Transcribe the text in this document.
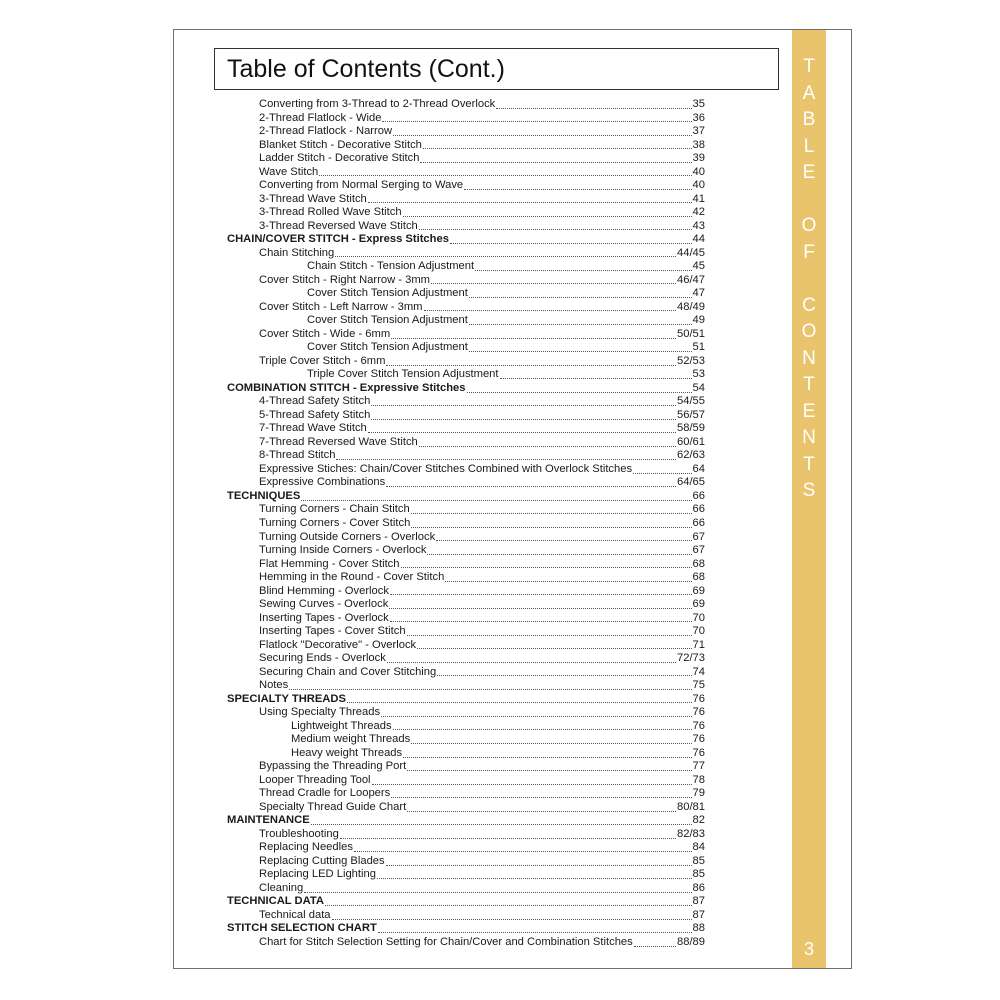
T
A
B
L
E
O
F
C
O
N
T
E
N
T
S
3
Table of Contents (Cont.)
Converting from 3-Thread to 2-Thread Overlock	35
2-Thread Flatlock - Wide	36
2-Thread Flatlock - Narrow	37
Blanket Stitch - Decorative Stitch	38
Ladder Stitch - Decorative Stitch	39
Wave Stitch	40
Converting from Normal Serging to Wave	40
3-Thread Wave Stitch	41
3-Thread Rolled Wave Stitch	42
3-Thread Reversed Wave Stitch	43
CHAIN/COVER STITCH - Express Stitches	44
Chain Stitching	44/45
Chain Stitch - Tension Adjustment	45
Cover Stitch - Right Narrow - 3mm	46/47
Cover Stitch Tension Adjustment	47
Cover Stitch - Left Narrow - 3mm	48/49
Cover Stitch Tension Adjustment	49
Cover Stitch - Wide - 6mm	50/51
Cover Stitch Tension Adjustment	51
Triple Cover Stitch - 6mm	52/53
Triple Cover Stitch Tension Adjustment	53
COMBINATION STITCH - Expressive Stitches	54
4-Thread Safety Stitch	54/55
5-Thread Safety Stitch	56/57
7-Thread Wave Stitch	58/59
7-Thread Reversed Wave Stitch	60/61
8-Thread Stitch	62/63
Expressive Stiches: Chain/Cover Stitches Combined with Overlock Stitches	64
Expressive Combinations	64/65
TECHNIQUES	66
Turning Corners - Chain Stitch	66
Turning Corners - Cover Stitch	66
Turning Outside Corners - Overlock	67
Turning Inside Corners - Overlock	67
Flat Hemming - Cover Stitch	68
Hemming in the Round - Cover Stitch	68
Blind Hemming - Overlock	69
Sewing Curves - Overlock	69
Inserting Tapes - Overlock	70
Inserting Tapes - Cover Stitch	70
Flatlock "Decorative" - Overlock	71
Securing Ends - Overlock	72/73
Securing Chain and Cover Stitching	74
Notes	75
SPECIALTY THREADS	76
Using Specialty Threads	76
Lightweight Threads	76
Medium weight Threads	76
Heavy weight Threads	76
Bypassing the Threading Port	77
Looper Threading Tool	78
Thread Cradle for Loopers	79
Specialty Thread Guide Chart	80/81
MAINTENANCE	82
Troubleshooting	82/83
Replacing Needles	84
Replacing Cutting Blades	85
Replacing LED Lighting	85
Cleaning	86
TECHNICAL DATA	87
Technical data	87
STITCH SELECTION CHART	88
Chart for Stitch Selection Setting for Chain/Cover and Combination Stitches	88/89
